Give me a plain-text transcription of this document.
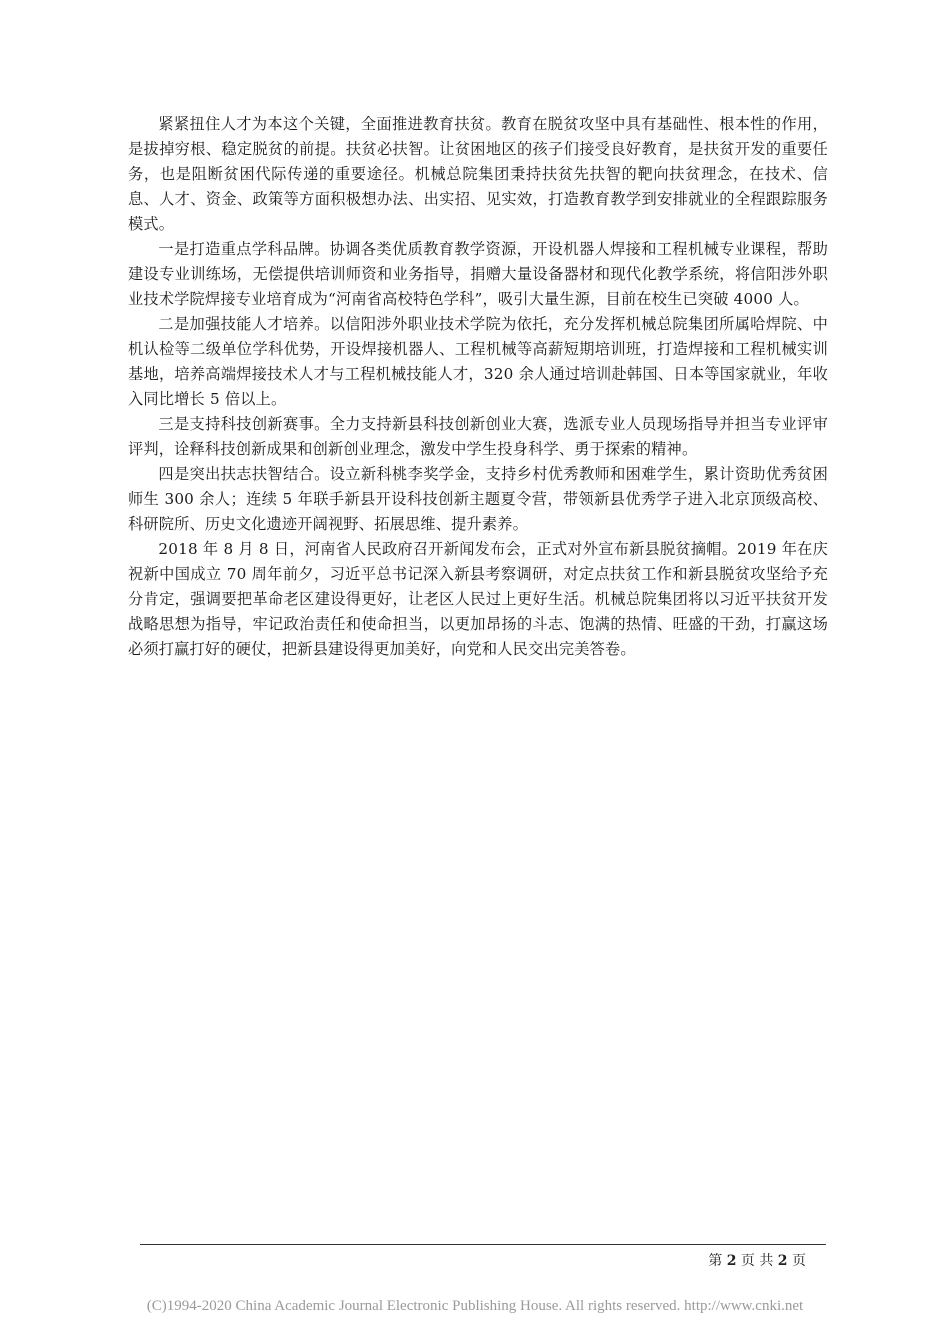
紧紧扭住人才为本这个关键，全面推进教育扶贫。教育在脱贫攻坚中具有基础性、根本性的作用，是拔掉穷根、稳定脱贫的前提。扶贫必扶智。让贫困地区的孩子们接受良好教育，是扶贫开发的重要任务，也是阻断贫困代际传递的重要途径。机械总院集团秉持扶贫先扶智的靶向扶贫理念，在技术、信息、人才、资金、政策等方面积极想办法、出实招、见实效，打造教育教学到安排就业的全程跟踪服务模式。

一是打造重点学科品牌。协调各类优质教育教学资源，开设机器人焊接和工程机械专业课程，帮助建设专业训练场，无偿提供培训师资和业务指导，捐赠大量设备器材和现代化教学系统，将信阳涉外职业技术学院焊接专业培育成为“河南省高校特色学科”，吸引大量生源，目前在校生已突破 4000 人。

二是加强技能人才培养。以信阳涉外职业技术学院为依托，充分发挥机械总院集团所属哈焊院、中机认检等二级单位学科优势，开设焊接机器人、工程机械等高薪短期培训班，打造焊接和工程机械实训基地，培养高端焊接技术人才与工程机械技能人才，320 余人通过培训赴韩国、日本等国家就业，年收入同比增长 5 倍以上。

三是支持科技创新赛事。全力支持新县科技创新创业大赛，选派专业人员现场指导并担当专业评审评判，诠释科技创新成果和创新创业理念，激发中学生投身科学、勇于探索的精神。

四是突出扶志扶智结合。设立新科桃李奖学金，支持乡村优秀教师和困难学生，累计资助优秀贫困师生 300 余人；连续 5 年联手新县开设科技创新主题夏令营，带领新县优秀学子进入北京顶级高校、科研院所、历史文化遗迹开阔视野、拓展思维、提升素养。

2018 年 8 月 8 日，河南省人民政府召开新闻发布会，正式对外宣布新县脱贫摘帽。2019 年在庆祝新中国成立 70 周年前夕，习近平总书记深入新县考察调研，对定点扶贫工作和新县脱贫攻坚给予充分肯定，强调要把革命老区建设得更好，让老区人民过上更好生活。机械总院集团将以习近平扶贫开发战略思想为指导，牢记政治责任和使命担当，以更加昂扬的斗志、饱满的热情、旺盛的干劲，打赢这场必须打赢打好的硬仗，把新县建设得更加美好，向党和人民交出完美答卷。

第 2 页 共 2 页
(C)1994-2020 China Academic Journal Electronic Publishing House. All rights reserved. http://www.cnki.net
